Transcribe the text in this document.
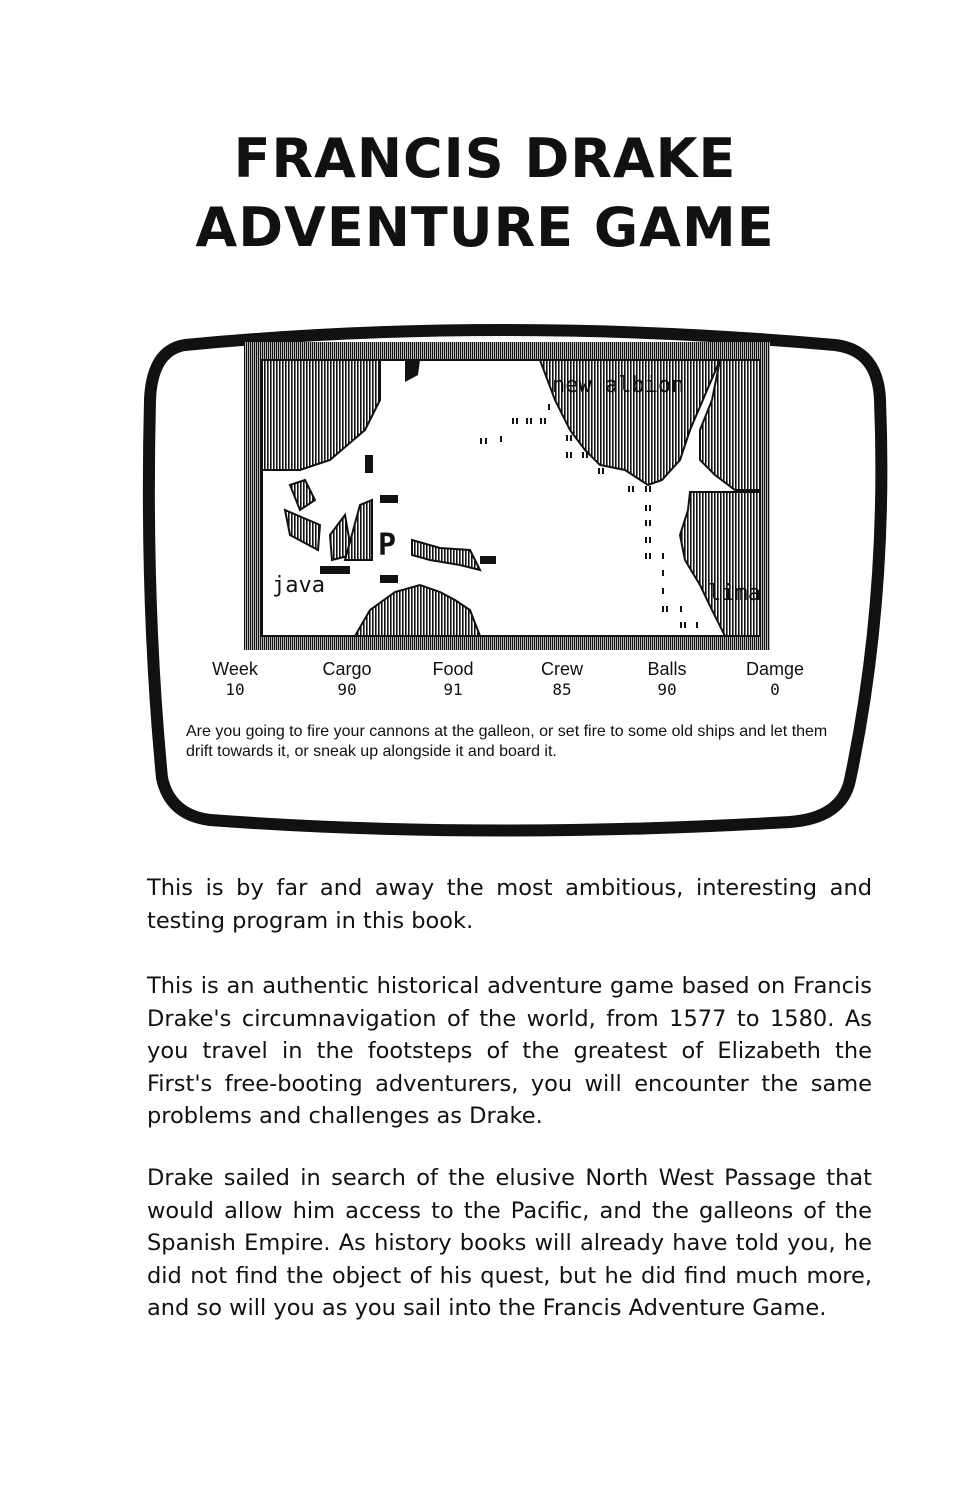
FRANCIS DRAKE
ADVENTURE GAME
P
java
new albion
lima
Week
10
Cargo
90
Food
91
Crew
85
Balls
90
Damge
0
Are you going to fire your cannons at the galleon, or set fire to some old ships and let them drift towards it, or sneak up alongside it and board it.
This is by far and away the most ambitious, interesting and testing program in this book.
This is an authentic historical adventure game based on Francis Drake's circumnavigation of the world, from 1577 to 1580. As you travel in the footsteps of the greatest of Elizabeth the First's free-booting adventurers, you will encounter the same problems and challenges as Drake.
Drake sailed in search of the elusive North West Passage that would allow him access to the Pacific, and the galleons of the Spanish Empire. As history books will already have told you, he did not find the object of his quest, but he did find much more, and so will you as you sail into the Francis Adventure Game.
